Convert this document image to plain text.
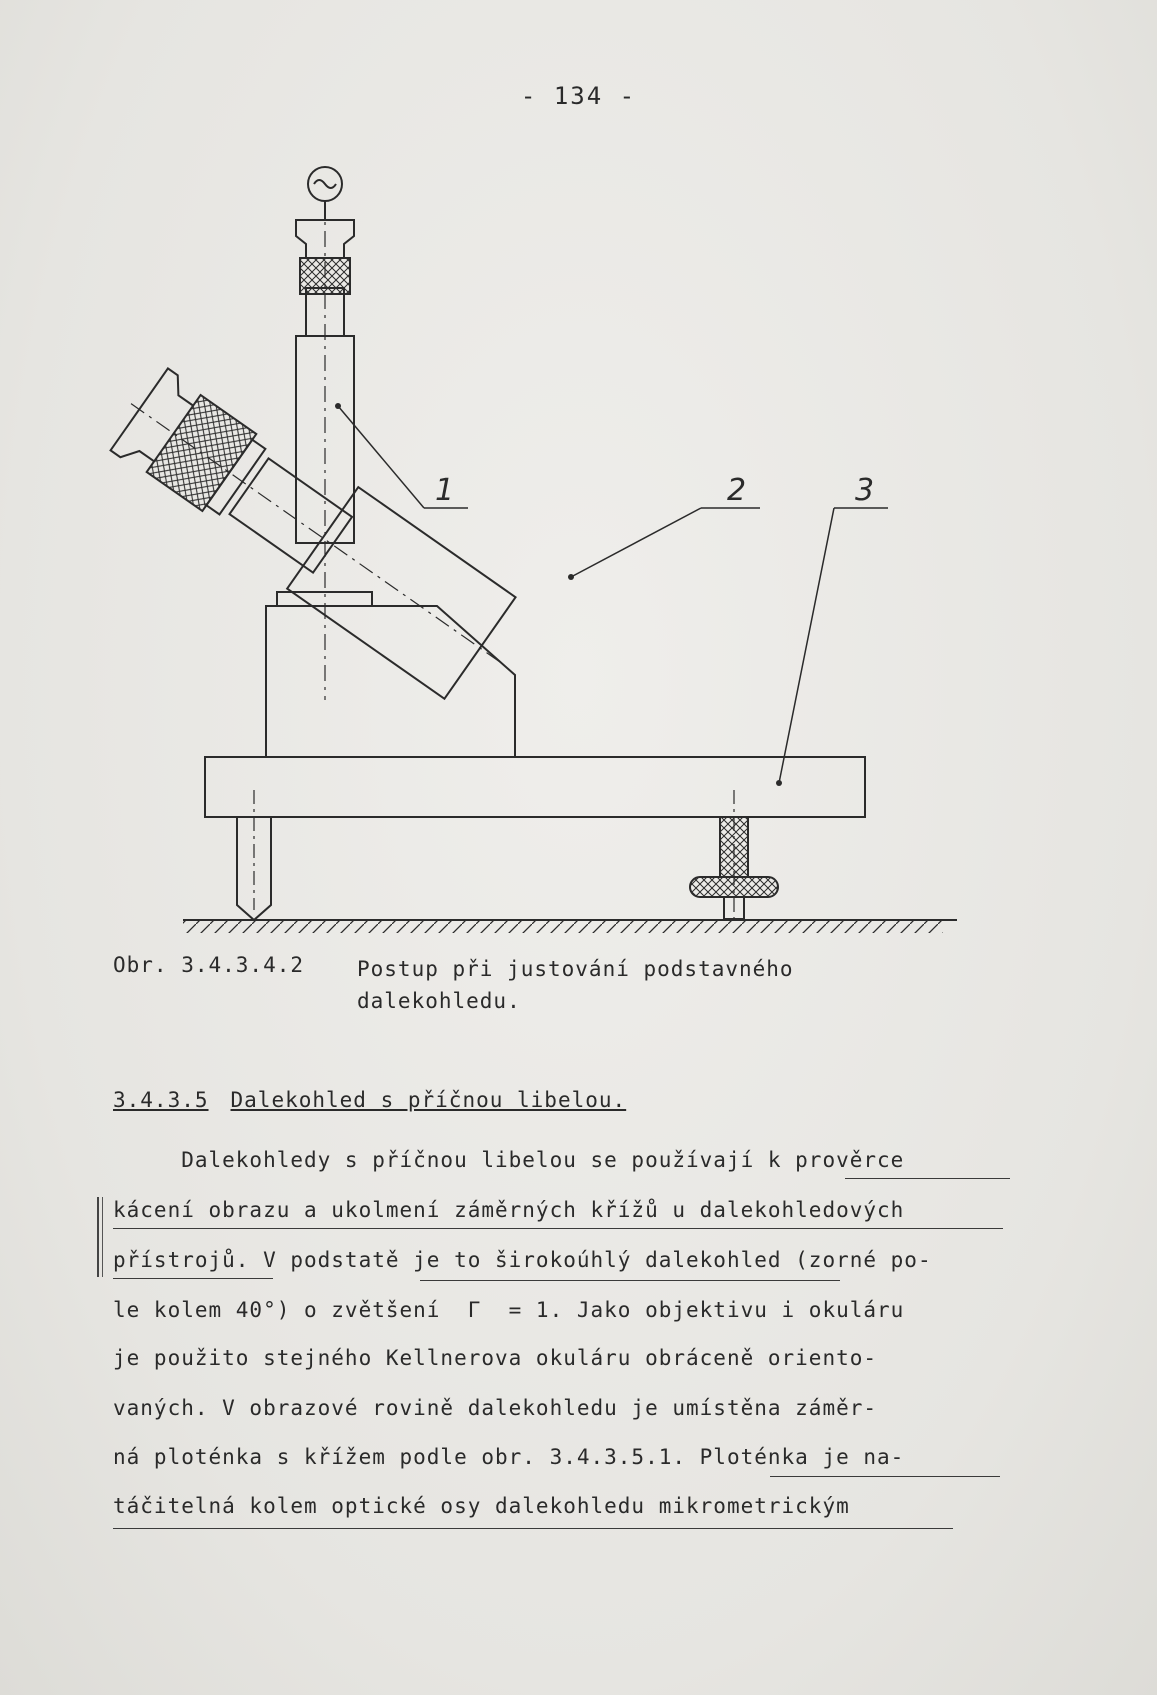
- 134 -
1	2	3
Obr. 3.4.3.4.2	Postup při justování podstavného
dalekohledu.
3.4.3.5 Dalekohled s příčnou libelou.
Dalekohledy s příčnou libelou se používají k prověrce
kácení obrazu a ukolmení záměrných křížů u dalekohledových
přístrojů. V podstatě je to širokoúhlý dalekohled (zorné po-
le kolem 40°) o zvětšení  Γ  = 1. Jako objektivu i okuláru
je použito stejného Kellnerova okuláru obráceně orientо-
vaných. V obrazové rovině dalekohledu je umístěna záměr-
ná ploténka s křížem podle obr. 3.4.3.5.1. Ploténka je na-
táčitelná kolem optické osy dalekohledu mikrometrickým
